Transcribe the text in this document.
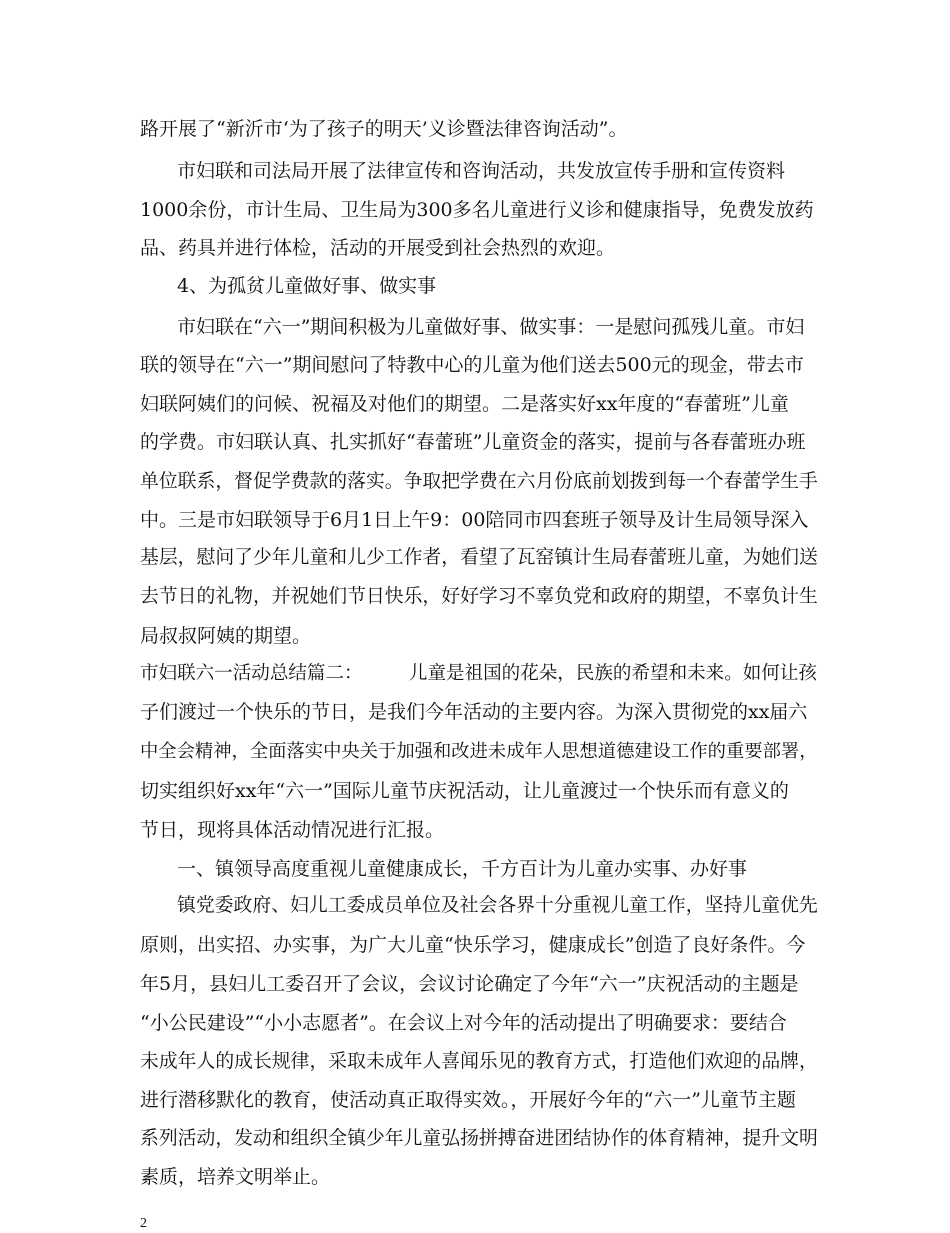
路开展了“新沂市‘为了孩子的明天’义诊暨法律咨询活动”。
市妇联和司法局开展了法律宣传和咨询活动，共发放宣传手册和宣传资料
1000余份，市计生局、卫生局为300多名儿童进行义诊和健康指导，免费发放药
品、药具并进行体检，活动的开展受到社会热烈的欢迎。
4、为孤贫儿童做好事、做实事
市妇联在“六一”期间积极为儿童做好事、做实事：一是慰问孤残儿童。市妇
联的领导在“六一”期间慰问了特教中心的儿童为他们送去500元的现金，带去市
妇联阿姨们的问候、祝福及对他们的期望。二是落实好xx年度的“春蕾班”儿童
的学费。市妇联认真、扎实抓好“春蕾班”儿童资金的落实，提前与各春蕾班办班
单位联系，督促学费款的落实。争取把学费在六月份底前划拨到每一个春蕾学生手
中。三是市妇联领导于6月1日上午9：00陪同市四套班子领导及计生局领导深入
基层，慰问了少年儿童和儿少工作者，看望了瓦窑镇计生局春蕾班儿童，为她们送
去节日的礼物，并祝她们节日快乐，好好学习不辜负党和政府的期望，不辜负计生
局叔叔阿姨的期望。
市妇联六一活动总结篇二：　　　儿童是祖国的花朵，民族的希望和未来。如何让孩
子们渡过一个快乐的节日，是我们今年活动的主要内容。为深入贯彻党的xx届六
中全会精神，全面落实中央关于加强和改进未成年人思想道德建设工作的重要部署，
切实组织好xx年“六一”国际儿童节庆祝活动，让儿童渡过一个快乐而有意义的
节日，现将具体活动情况进行汇报。
一、镇领导高度重视儿童健康成长，千方百计为儿童办实事、办好事
镇党委政府、妇儿工委成员单位及社会各界十分重视儿童工作，坚持儿童优先
原则，出实招、办实事，为广大儿童“快乐学习，健康成长”创造了良好条件。今
年5月，县妇儿工委召开了会议，会议讨论确定了今年“六一”庆祝活动的主题是
“小公民建设”“小小志愿者”。在会议上对今年的活动提出了明确要求：要结合
未成年人的成长规律，采取未成年人喜闻乐见的教育方式，打造他们欢迎的品牌，
进行潜移默化的教育，使活动真正取得实效。，开展好今年的“六一”儿童节主题
系列活动，发动和组织全镇少年儿童弘扬拼搏奋进团结协作的体育精神，提升文明
素质，培养文明举止。
2
